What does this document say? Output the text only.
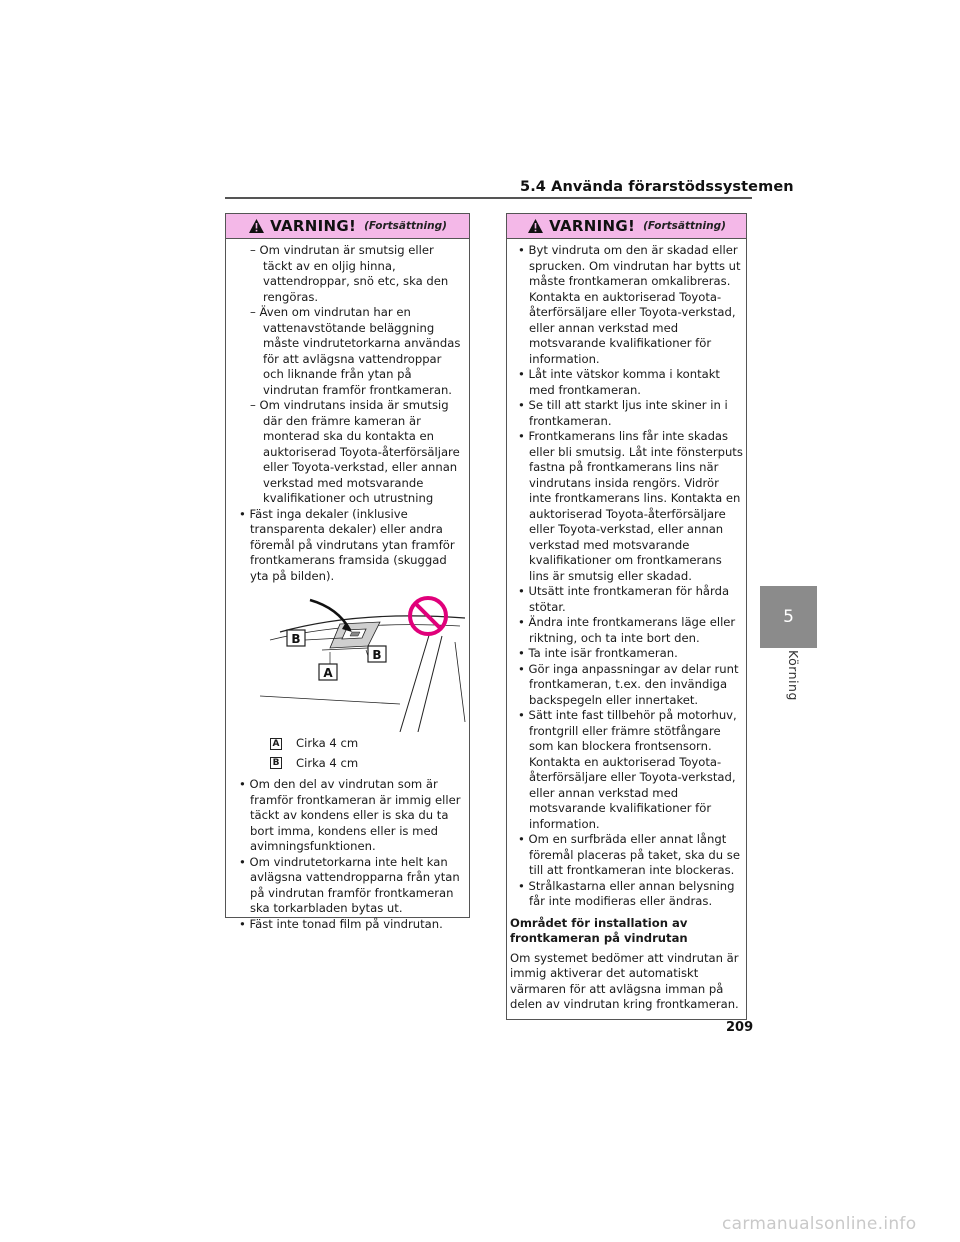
5.4 Använda förarstödssystemen
VARNING! (Fortsättning)

– Om vindrutan är smutsig eller täckt av en oljig hinna, vattendroppar, snö etc, ska den rengöras.

– Även om vindrutan har en vattenavstötande beläggning måste vindrutetorkarna användas för att avlägsna vattendroppar och liknande från ytan på vindrutan framför frontkameran.

– Om vindrutans insida är smutsig där den främre kameran är monterad ska du kontakta en auktoriserad Toyota-återförsäljare eller Toyota-verkstad, eller annan verkstad med motsvarande kvalifikationer och utrustning

• Fäst inga dekaler (inklusive transparenta dekaler) eller andra föremål på vindrutans ytan framför frontkamerans framsida (skuggad yta på bilden).

B
B
A
A Cirka 4 cm
B Cirka 4 cm

• Om den del av vindrutan som är framför frontkameran är immig eller täckt av kondens eller is ska du ta bort imma, kondens eller is med avimningsfunktionen.

• Om vindrutetorkarna inte helt kan avlägsna vattendropparna från ytan på vindrutan framför frontkameran ska torkarbladen bytas ut.

• Fäst inte tonad film på vindrutan.

VARNING! (Fortsättning)

• Byt vindruta om den är skadad eller sprucken. Om vindrutan har bytts ut måste frontkameran omkalibreras. Kontakta en auktoriserad Toyota-återförsäljare eller Toyota-verkstad, eller annan verkstad med motsvarande kvalifikationer för information.

• Låt inte vätskor komma i kontakt med frontkameran.

• Se till att starkt ljus inte skiner in i frontkameran.

• Frontkamerans lins får inte skadas eller bli smutsig. Låt inte fönsterputs fastna på frontkamerans lins när vindrutans insida rengörs. Vidrör inte frontkamerans lins. Kontakta en auktoriserad Toyota-återförsäljare eller Toyota-verkstad, eller annan verkstad med motsvarande kvalifikationer om frontkamerans lins är smutsig eller skadad.

• Utsätt inte frontkameran för hårda stötar.

• Ändra inte frontkamerans läge eller riktning, och ta inte bort den.

• Ta inte isär frontkameran.

• Gör inga anpassningar av delar runt frontkameran, t.ex. den invändiga backspegeln eller innertaket.

• Sätt inte fast tillbehör på motorhuv, frontgrill eller främre stötfångare som kan blockera frontsensorn. Kontakta en auktoriserad Toyota-återförsäljare eller Toyota-verkstad, eller annan verkstad med motsvarande kvalifikationer för information.

• Om en surfbräda eller annat långt föremål placeras på taket, ska du se till att frontkameran inte blockeras.

• Strålkastarna eller annan belysning får inte modifieras eller ändras.

Området för installation av frontkameran på vindrutan

Om systemet bedömer att vindrutan är immig aktiverar det automatiskt värmaren för att avlägsna imman på delen av vindrutan kring frontkameran.

5
Körning
209
carmanualsonline.info
